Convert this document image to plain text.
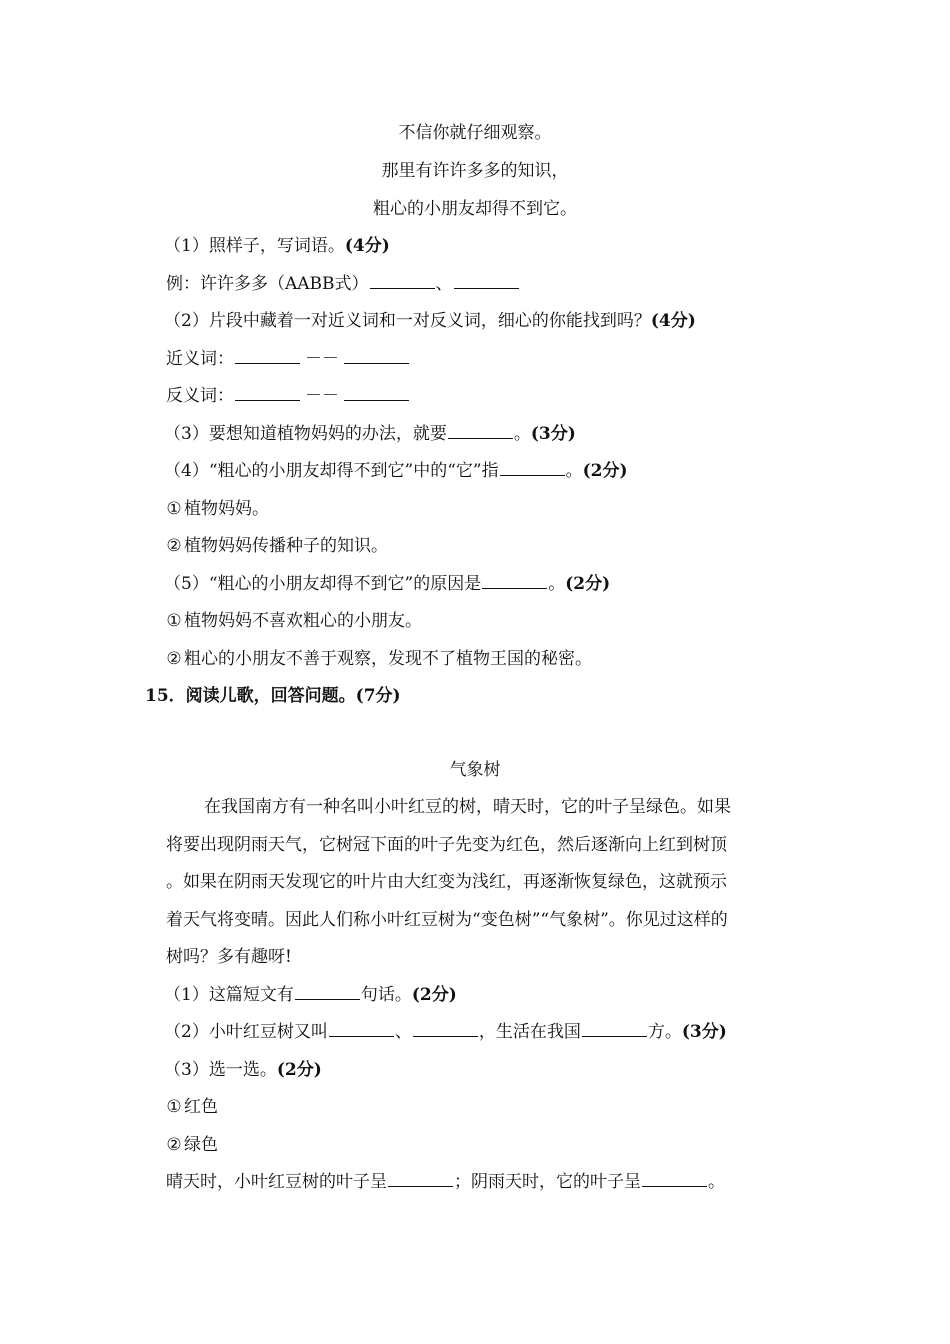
不信你就仔细观察。
那里有许许多多的知识，
粗心的小朋友却得不到它。
（1）照样子，写词语。(4分)
例：许许多多（AABB式）	、
（2）片段中藏着一对近义词和一对反义词，细心的你能找到吗？(4分)
近义词：	－－
反义词：	－－
（3）要想知道植物妈妈的办法，就要	。(3分)
（4）“粗心的小朋友却得不到它”中的“它”指	。(2分)
① 植物妈妈。
② 植物妈妈传播种子的知识。
（5）“粗心的小朋友却得不到它”的原因是	。(2分)
① 植物妈妈不喜欢粗心的小朋友。
② 粗心的小朋友不善于观察，发现不了植物王国的秘密。
15．阅读儿歌，回答问题。(7分)
气象树
在我国南方有一种名叫小叶红豆的树，晴天时，它的叶子呈绿色。如果
将要出现阴雨天气，它树冠下面的叶子先变为红色，然后逐渐向上红到树顶
。如果在阴雨天发现它的叶片由大红变为浅红，再逐渐恢复绿色，这就预示
着天气将变晴。因此人们称小叶红豆树为“变色树”“气象树”。你见过这样的
树吗？多有趣呀!
（1）这篇短文有	句话。(2分)
（2）小叶红豆树又叫	、	，生活在我国	方。(3分)
（3）选一选。(2分)
① 红色
② 绿色
晴天时，小叶红豆树的叶子呈	；阴雨天时，它的叶子呈	。
